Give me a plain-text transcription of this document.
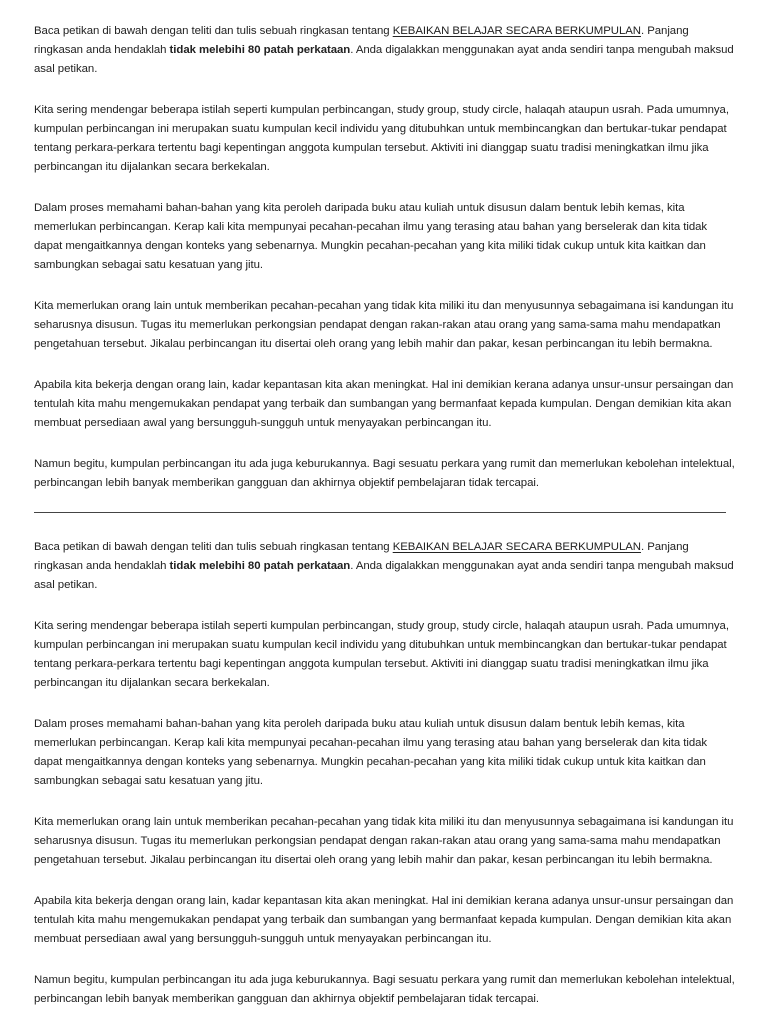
Baca petikan di bawah dengan teliti dan tulis sebuah ringkasan tentang KEBAIKAN BELAJAR SECARA BERKUMPULAN. Panjang ringkasan anda hendaklah tidak melebihi 80 patah perkataan. Anda digalakkan menggunakan ayat anda sendiri tanpa mengubah maksud asal petikan.

Kita sering mendengar beberapa istilah seperti kumpulan perbincangan, study group, study circle, halaqah ataupun usrah. Pada umumnya, kumpulan perbincangan ini merupakan suatu kumpulan kecil individu yang ditubuhkan untuk membincangkan dan bertukar-tukar pendapat tentang perkara-perkara tertentu bagi kepentingan anggota kumpulan tersebut. Aktiviti ini dianggap suatu tradisi meningkatkan ilmu jika perbincangan itu dijalankan secara berkekalan.

Dalam proses memahami bahan-bahan yang kita peroleh daripada buku atau kuliah untuk disusun dalam bentuk lebih kemas, kita memerlukan perbincangan. Kerap kali kita mempunyai pecahan-pecahan ilmu yang terasing atau bahan yang berselerak dan kita tidak dapat mengaitkannya dengan konteks yang sebenarnya. Mungkin pecahan-pecahan yang kita miliki tidak cukup untuk kita kaitkan dan sambungkan sebagai satu kesatuan yang jitu.

Kita memerlukan orang lain untuk memberikan pecahan-pecahan yang tidak kita miliki itu dan menyusunnya sebagaimana isi kandungan itu seharusnya disusun. Tugas itu memerlukan perkongsian pendapat dengan rakan-rakan atau orang yang sama-sama mahu mendapatkan pengetahuan tersebut. Jikalau perbincangan itu disertai oleh orang yang lebih mahir dan pakar, kesan perbincangan itu lebih bermakna.

Apabila kita bekerja dengan orang lain, kadar kepantasan kita akan meningkat. Hal ini demikian kerana adanya unsur-unsur persaingan dan tentulah kita mahu mengemukakan pendapat yang terbaik dan sumbangan yang bermanfaat kepada kumpulan. Dengan demikian kita akan membuat persediaan awal yang bersungguh-sungguh untuk menyayakan perbincangan itu.

Namun begitu, kumpulan perbincangan itu ada juga keburukannya. Bagi sesuatu perkara yang rumit dan memerlukan kebolehan intelektual, perbincangan lebih banyak memberikan gangguan dan akhirnya objektif pembelajaran tidak tercapai.

Baca petikan di bawah dengan teliti dan tulis sebuah ringkasan tentang KEBAIKAN BELAJAR SECARA BERKUMPULAN. Panjang ringkasan anda hendaklah tidak melebihi 80 patah perkataan. Anda digalakkan menggunakan ayat anda sendiri tanpa mengubah maksud asal petikan.

Kita sering mendengar beberapa istilah seperti kumpulan perbincangan, study group, study circle, halaqah ataupun usrah. Pada umumnya, kumpulan perbincangan ini merupakan suatu kumpulan kecil individu yang ditubuhkan untuk membincangkan dan bertukar-tukar pendapat tentang perkara-perkara tertentu bagi kepentingan anggota kumpulan tersebut. Aktiviti ini dianggap suatu tradisi meningkatkan ilmu jika perbincangan itu dijalankan secara berkekalan.

Dalam proses memahami bahan-bahan yang kita peroleh daripada buku atau kuliah untuk disusun dalam bentuk lebih kemas, kita memerlukan perbincangan. Kerap kali kita mempunyai pecahan-pecahan ilmu yang terasing atau bahan yang berselerak dan kita tidak dapat mengaitkannya dengan konteks yang sebenarnya. Mungkin pecahan-pecahan yang kita miliki tidak cukup untuk kita kaitkan dan sambungkan sebagai satu kesatuan yang jitu.

Kita memerlukan orang lain untuk memberikan pecahan-pecahan yang tidak kita miliki itu dan menyusunnya sebagaimana isi kandungan itu seharusnya disusun. Tugas itu memerlukan perkongsian pendapat dengan rakan-rakan atau orang yang sama-sama mahu mendapatkan pengetahuan tersebut. Jikalau perbincangan itu disertai oleh orang yang lebih mahir dan pakar, kesan perbincangan itu lebih bermakna.

Apabila kita bekerja dengan orang lain, kadar kepantasan kita akan meningkat. Hal ini demikian kerana adanya unsur-unsur persaingan dan tentulah kita mahu mengemukakan pendapat yang terbaik dan sumbangan yang bermanfaat kepada kumpulan. Dengan demikian kita akan membuat persediaan awal yang bersungguh-sungguh untuk menyayakan perbincangan itu.

Namun begitu, kumpulan perbincangan itu ada juga keburukannya. Bagi sesuatu perkara yang rumit dan memerlukan kebolehan intelektual, perbincangan lebih banyak memberikan gangguan dan akhirnya objektif pembelajaran tidak tercapai.
